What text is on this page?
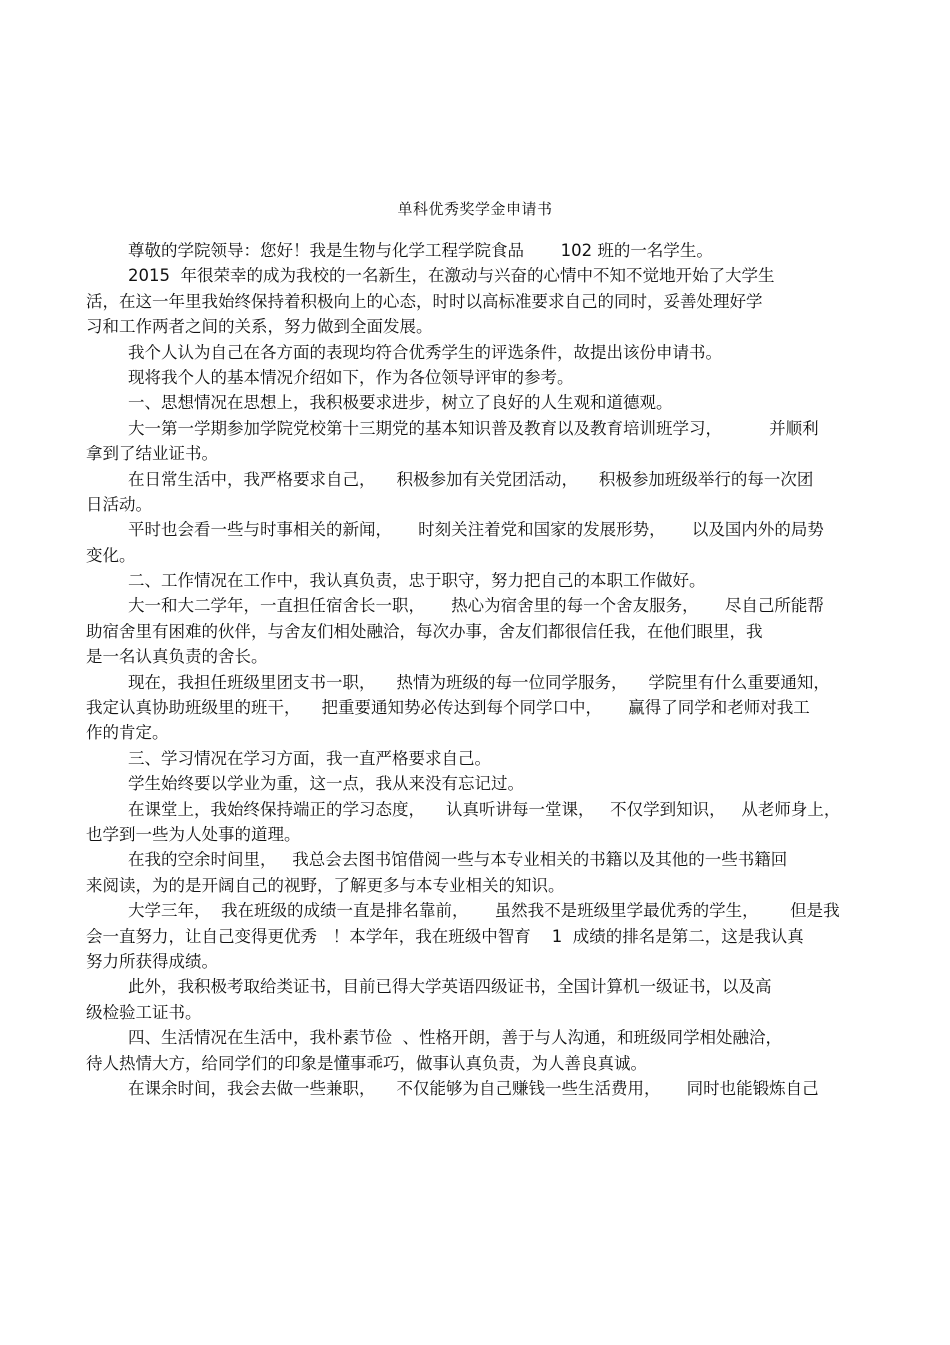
单科优秀奖学金申请书
尊敬的学院领导：您好！我是生物与化学工程学院食品       102 班的一名学生。
2015  年很荣幸的成为我校的一名新生，在激动与兴奋的心情中不知不觉地开始了大学生
活，在这一年里我始终保持着积极向上的心态，时时以高标准要求自己的同时，妥善处理好学
习和工作两者之间的关系，努力做到全面发展。
我个人认为自己在各方面的表现均符合优秀学生的评选条件，故提出该份申请书。
现将我个人的基本情况介绍如下，作为各位领导评审的参考。
一、思想情况在思想上，我积极要求进步，树立了良好的人生观和道德观。
大一第一学期参加学院党校第十三期党的基本知识普及教育以及教育培训班学习，         并顺利
拿到了结业证书。
在日常生活中，我严格要求自己，    积极参加有关党团活动，    积极参加班级举行的每一次团
日活动。
平时也会看一些与时事相关的新闻，     时刻关注着党和国家的发展形势，     以及国内外的局势
变化。
二、工作情况在工作中，我认真负责，忠于职守，努力把自己的本职工作做好。
大一和大二学年，一直担任宿舍长一职，     热心为宿舍里的每一个舍友服务，     尽自己所能帮
助宿舍里有困难的伙伴，与舍友们相处融洽，每次办事，舍友们都很信任我，在他们眼里，我
是一名认真负责的舍长。
现在，我担任班级里团支书一职，    热情为班级的每一位同学服务，    学院里有什么重要通知，
我定认真协助班级里的班干，    把重要通知势必传达到每个同学口中，     赢得了同学和老师对我工
作的肯定。
三、学习情况在学习方面，我一直严格要求自己。
学生始终要以学业为重，这一点，我从来没有忘记过。
在课堂上，我始终保持端正的学习态度，    认真听讲每一堂课，   不仅学到知识，   从老师身上，
也学到一些为人处事的道理。
在我的空余时间里，   我总会去图书馆借阅一些与本专业相关的书籍以及其他的一些书籍回
来阅读，为的是开阔自己的视野，了解更多与本专业相关的知识。
大学三年，  我在班级的成绩一直是排名靠前，     虽然我不是班级里学最优秀的学生，      但是我
会一直努力，让自己变得更优秀   ！本学年，我在班级中智育    1  成绩的排名是第二，这是我认真
努力所获得成绩。
此外，我积极考取给类证书，目前已得大学英语四级证书，全国计算机一级证书，以及高
级检验工证书。
四、生活情况在生活中，我朴素节俭  、性格开朗，善于与人沟通，和班级同学相处融洽，
待人热情大方，给同学们的印象是懂事乖巧，做事认真负责，为人善良真诚。
在课余时间，我会去做一些兼职，    不仅能够为自己赚钱一些生活费用，     同时也能锻炼自己
